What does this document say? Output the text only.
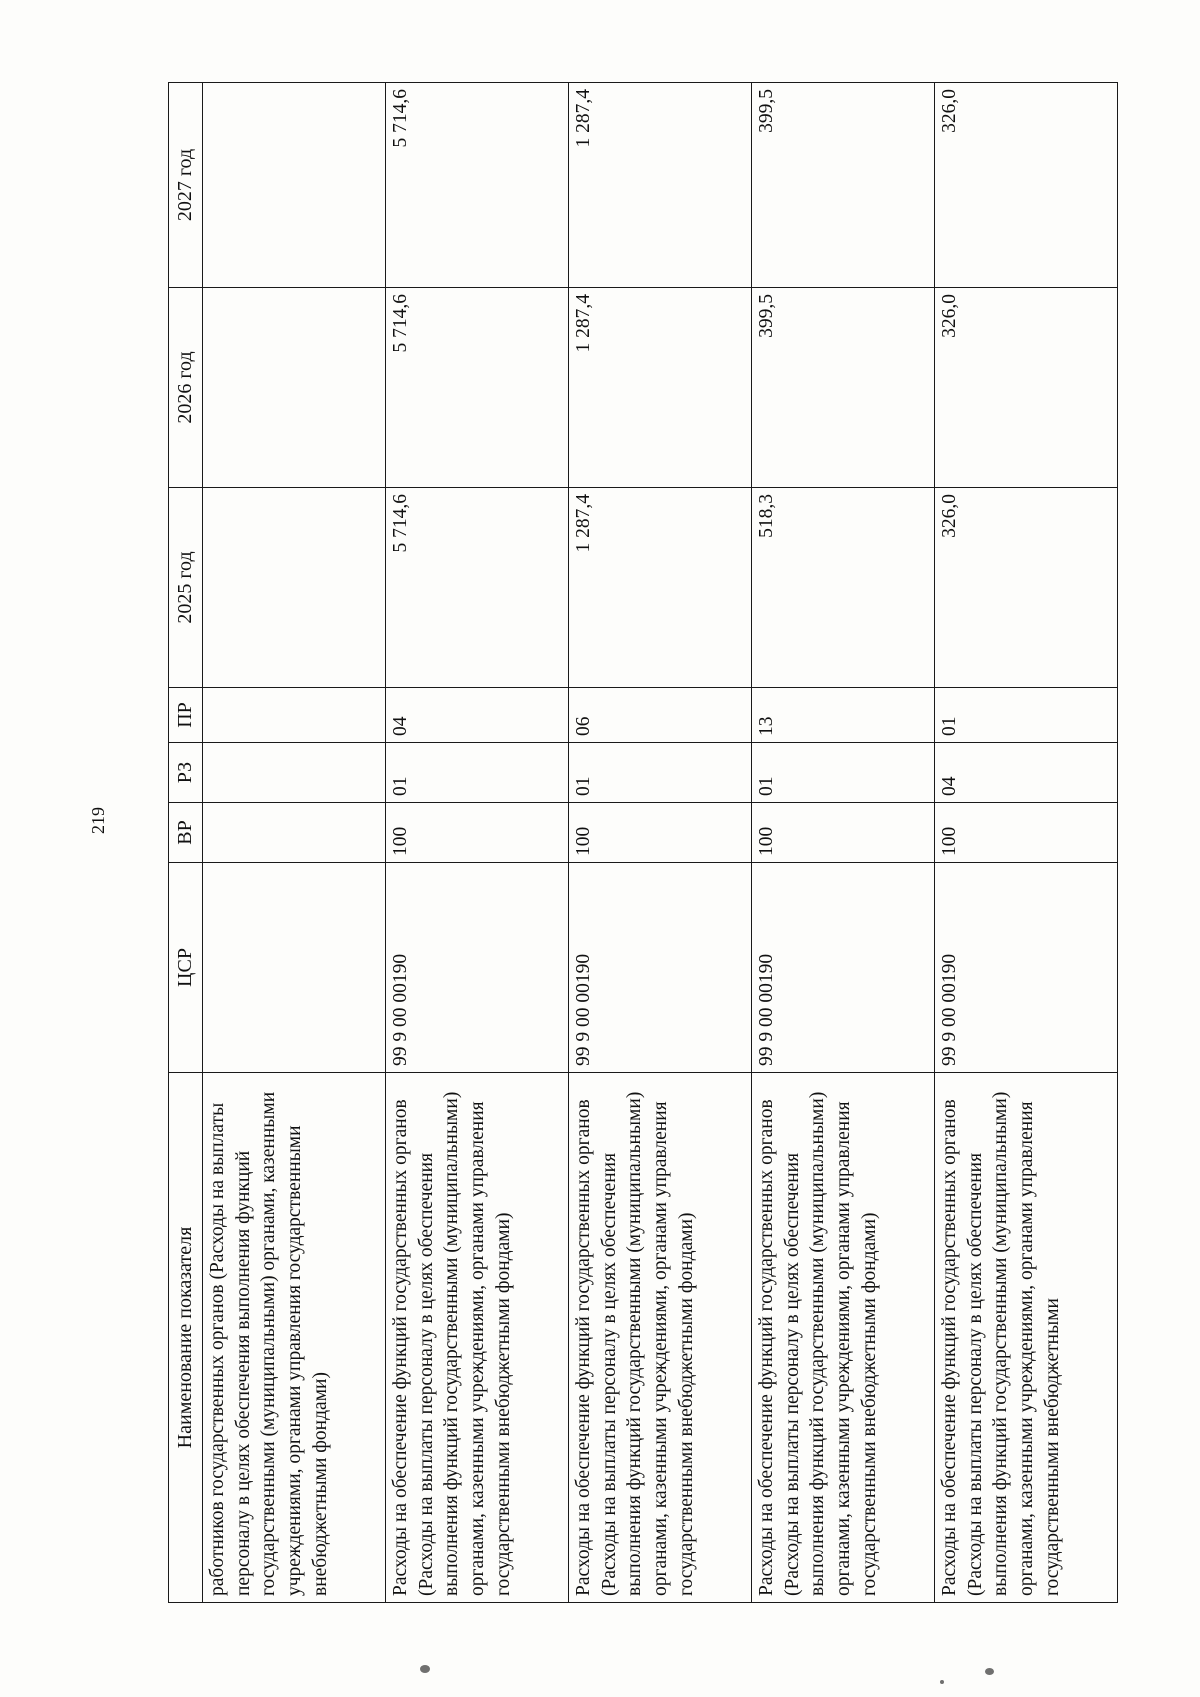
219
Наименование показателя	ЦСР	ВР	РЗ	ПР	2025 год	2026 год	2027 год
работников государственных органов (Расходы на выплаты персоналу в целях обеспечения выполнения функций государственными (муниципальными) органами, казенными учреждениями, органами управления государственными внебюджетными фондами)							
Расходы на обеспечение функций государственных органов (Расходы на выплаты персоналу в целях обеспечения выполнения функций государственными (муниципальными) органами, казенными учреждениями, органами управления государственными внебюджетными фондами)	99 9 00 00190	100	01	04	5 714,6	5 714,6	5 714,6
Расходы на обеспечение функций государственных органов (Расходы на выплаты персоналу в целях обеспечения выполнения функций государственными (муниципальными) органами, казенными учреждениями, органами управления государственными внебюджетными фондами)	99 9 00 00190	100	01	06	1 287,4	1 287,4	1 287,4
Расходы на обеспечение функций государственных органов (Расходы на выплаты персоналу в целях обеспечения выполнения функций государственными (муниципальными) органами, казенными учреждениями, органами управления государственными внебюджетными фондами)	99 9 00 00190	100	01	13	518,3	399,5	399,5
Расходы на обеспечение функций государственных органов (Расходы на выплаты персоналу в целях обеспечения выполнения функций государственными (муниципальными) органами, казенными учреждениями, органами управления государственными внебюджетными	99 9 00 00190	100	04	01	326,0	326,0	326,0
